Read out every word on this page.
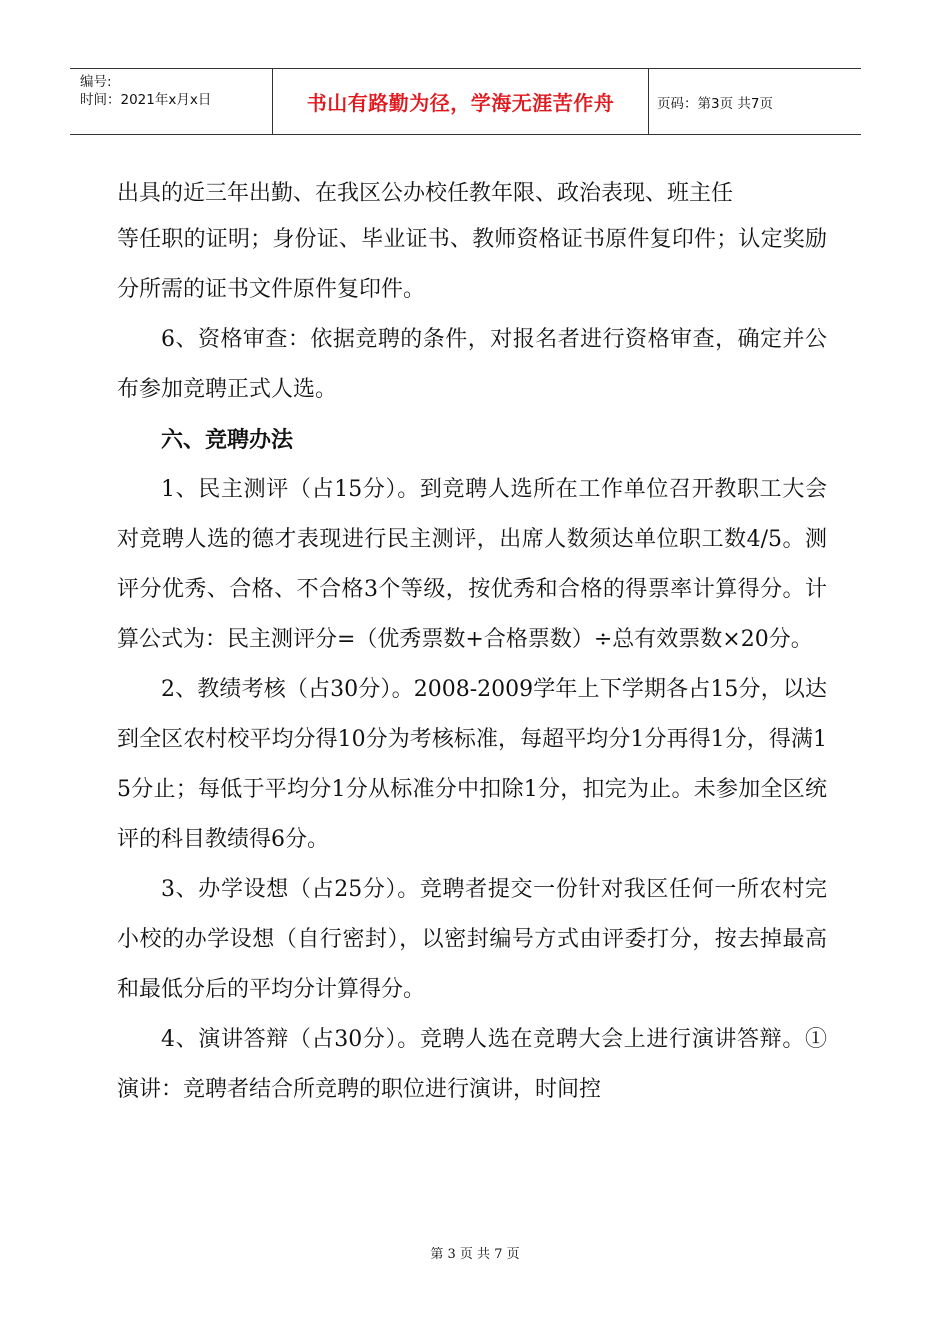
编号:
时间：2021年x月x日	书山有路勤为径，学海无涯苦作舟	页码：第3页 共7页

出具的近三年出勤、在我区公办校任教年限、政治表现、班主任

等任职的证明；身份证、毕业证书、教师资格证书原件复印件；认定奖励分所需的证书文件原件复印件。

6、资格审查：依据竞聘的条件，对报名者进行资格审查，确定并公布参加竞聘正式人选。

六、竞聘办法

1、民主测评（占15分）。到竞聘人选所在工作单位召开教职工大会对竞聘人选的德才表现进行民主测评，出席人数须达单位职工数4/5。测评分优秀、合格、不合格3个等级，按优秀和合格的得票率计算得分。计算公式为：民主测评分=（优秀票数+合格票数）÷总有效票数×20分。

2、教绩考核（占30分）。2008-2009学年上下学期各占15分，以达到全区农村校平均分得10分为考核标准，每超平均分1分再得1分，得满15分止；每低于平均分1分从标准分中扣除1分，扣完为止。未参加全区统评的科目教绩得6分。

3、办学设想（占25分）。竞聘者提交一份针对我区任何一所农村完小校的办学设想（自行密封），以密封编号方式由评委打分，按去掉最高和最低分后的平均分计算得分。

4、演讲答辩（占30分）。竞聘人选在竞聘大会上进行演讲答辩。①演讲：竞聘者结合所竞聘的职位进行演讲，时间控

第 3 页 共 7 页
